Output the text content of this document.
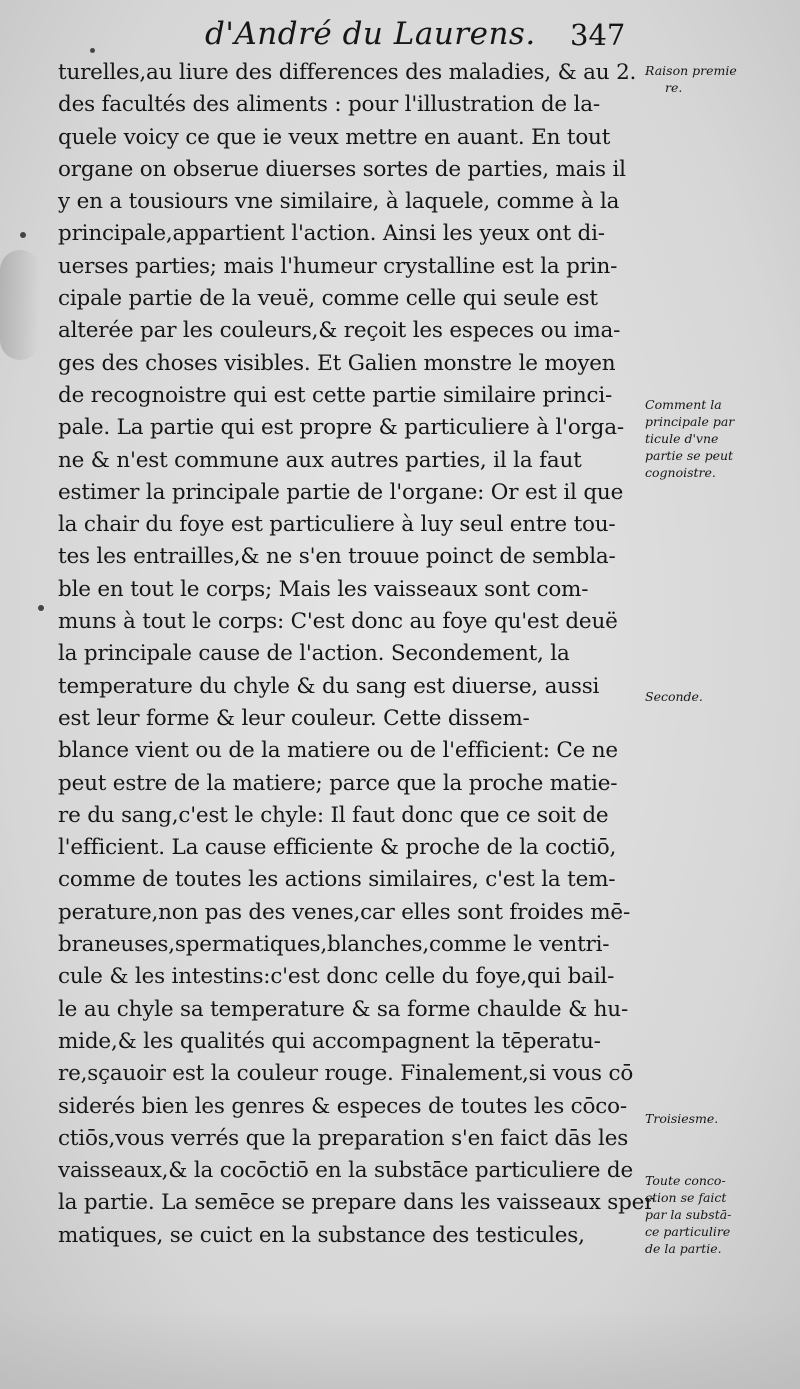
d'André du Laurens. 347
turelles,au liure des differences des maladies, & au 2.
des facultés des aliments : pour l'illustration de la-
quele voicy ce que ie veux mettre en auant. En tout
organe on obserue diuerses sortes de parties, mais il
y en a tousiours vne similaire, à laquele, comme à la
principale,appartient l'action. Ainsi les yeux ont di-
uerses parties; mais l'humeur crystalline est la prin-
cipale partie de la veuë, comme celle qui seule est
alterée par les couleurs,& reçoit les especes ou ima-
ges des choses visibles. Et Galien monstre le moyen
de recognoistre qui est cette partie similaire princi-
pale. La partie qui est propre & particuliere à l'orga-
ne & n'est commune aux autres parties, il la faut
estimer la principale partie de l'organe: Or est il que
la chair du foye est particuliere à luy seul entre tou-
tes les entrailles,& ne s'en trouue poinct de sembla-
ble en tout le corps; Mais les vaisseaux sont com-
muns à tout le corps: C'est donc au foye qu'est deuë
la principale cause de l'action. Secondement, la
temperature du chyle & du sang est diuerse, aussi
est leur forme & leur couleur. Cette dissem-
blance vient ou de la matiere ou de l'efficient: Ce ne
peut estre de la matiere; parce que la proche matie-
re du sang,c'est le chyle: Il faut donc que ce soit de
l'efficient. La cause efficiente & proche de la coctiō,
comme de toutes les actions similaires, c'est la tem-
perature,non pas des venes,car elles sont froides mē-
braneuses,spermatiques,blanches,comme le ventri-
cule & les intestins:c'est donc celle du foye,qui bail-
le au chyle sa temperature & sa forme chaulde & hu-
mide,& les qualités qui accompagnent la tēperatu-
re,sçauoir est la couleur rouge. Finalement,si vous cō
siderés bien les genres & especes de toutes les cōco-
ctiōs,vous verrés que la preparation s'en faict dās les
vaisseaux,& la cocōctiō en la substāce particuliere de
la partie. La semēce se prepare dans les vaisseaux sper
matiques, se cuict en la substance des testicules,
Raison premie
re.
Comment la
principale par
ticule d'vne
partie se peut
cognoistre.
Seconde.
Troisiesme.
Toute conco-
ction se faict
par la substā-
ce particulire
de la partie.
